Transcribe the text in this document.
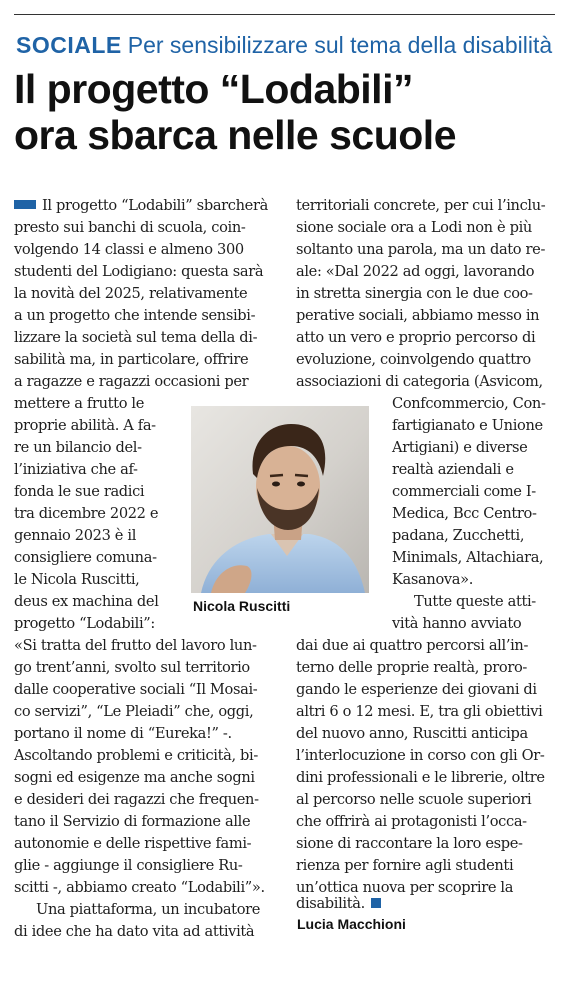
SOCIALE Per sensibilizzare sul tema della disabilità
Il progetto “Lodabili”
ora sbarca nelle scuole
Il progetto “Lodabili” sbarcherà
presto sui banchi di scuola, coin-
volgendo 14 classi e almeno 300
studenti del Lodigiano: questa sarà
la novità del 2025, relativamente
a un progetto che intende sensibi-
lizzare la società sul tema della di-
sabilità ma, in particolare, offrire
a ragazze e ragazzi occasioni per
mettere a frutto le
proprie abilità. A fa-
re un bilancio del-
l’iniziativa che af-
fonda le sue radici
tra dicembre 2022 e
gennaio 2023 è il
consigliere comuna-
le Nicola Ruscitti,
deus ex machina del
progetto “Lodabili”:
«Si tratta del frutto del lavoro lun-
go trent’anni, svolto sul territorio
dalle cooperative sociali “Il Mosai-
co servizi”, “Le Pleiadi” che, oggi,
portano il nome di “Eureka!” -.
Ascoltando problemi e criticità, bi-
sogni ed esigenze ma anche sogni
e desideri dei ragazzi che frequen-
tano il Servizio di formazione alle
autonomie e delle rispettive fami-
glie - aggiunge il consigliere Ru-
scitti -, abbiamo creato “Lodabili”».
Una piattaforma, un incubatore
di idee che ha dato vita ad attività
Nicola Ruscitti
territoriali concrete, per cui l’inclu-
sione sociale ora a Lodi non è più
soltanto una parola, ma un dato re-
ale: «Dal 2022 ad oggi, lavorando
in stretta sinergia con le due coo-
perative sociali, abbiamo messo in
atto un vero e proprio percorso di
evoluzione, coinvolgendo quattro
associazioni di categoria (Asvicom,
Confcommercio, Con-
fartigianato e Unione
Artigiani) e diverse
realtà aziendali e
commerciali come I-
Medica, Bcc Centro-
padana, Zucchetti,
Minimals, Altachiara,
Kasanova».
Tutte queste atti-
vità hanno avviato
dai due ai quattro percorsi all’in-
terno delle proprie realtà, proro-
gando le esperienze dei giovani di
altri 6 o 12 mesi. E, tra gli obiettivi
del nuovo anno, Ruscitti anticipa
l’interlocuzione in corso con gli Or-
dini professionali e le librerie, oltre
al percorso nelle scuole superiori
che offrirà ai protagonisti l’occa-
sione di raccontare la loro espe-
rienza per fornire agli studenti
un’ottica nuova per scoprire la
disabilità.
Lucia Macchioni
